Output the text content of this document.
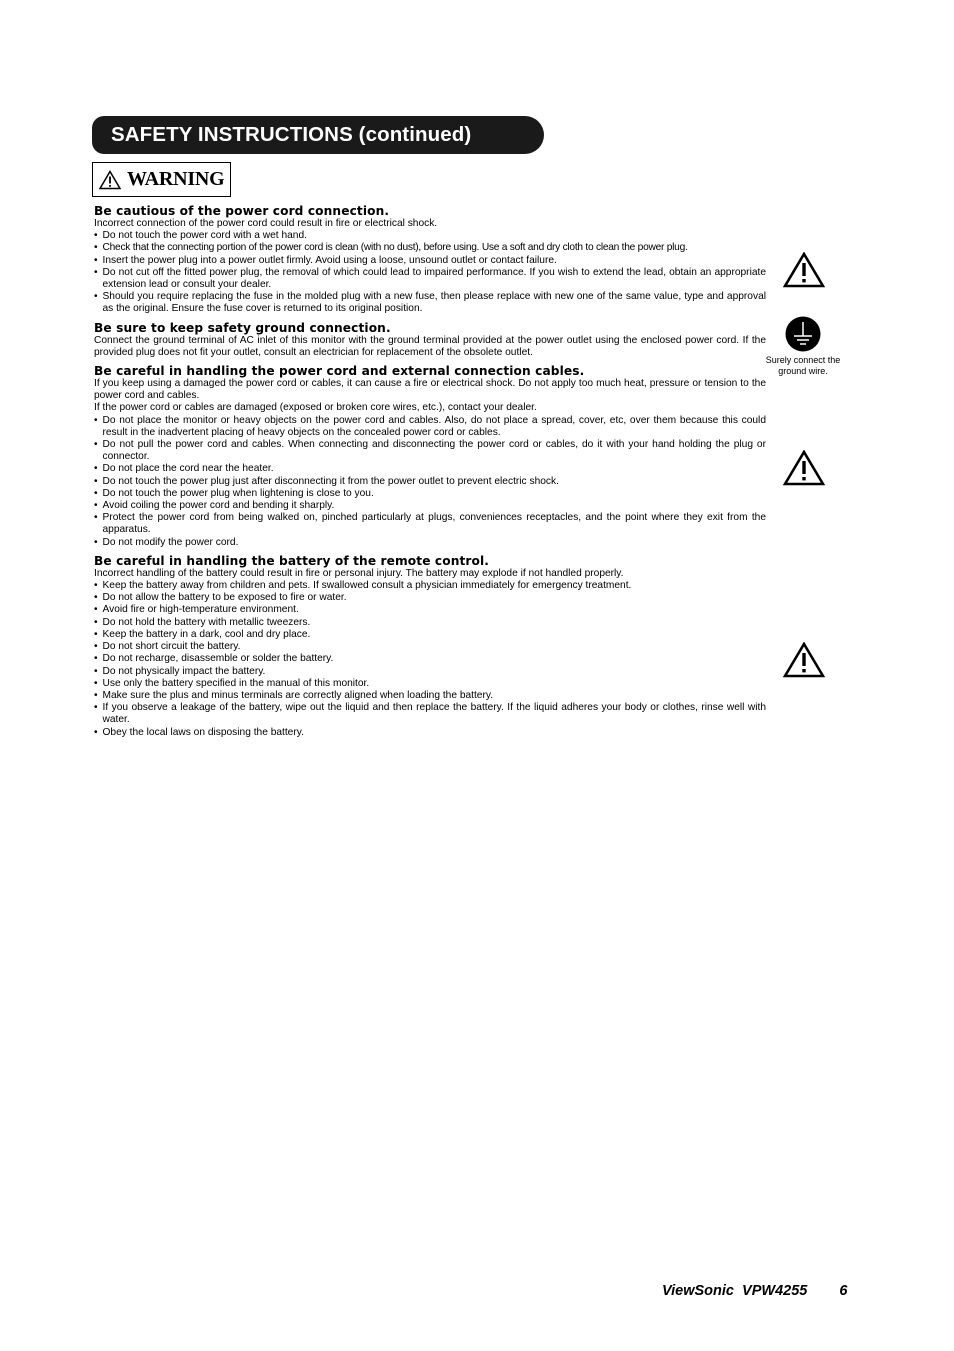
SAFETY INSTRUCTIONS (continued)
WARNING
Be cautious of the power cord connection.

Incorrect connection of the power cord could result in fire or electrical shock.

• Do not touch the power cord with a wet hand.
• Check that the connecting portion of the power cord is clean (with no dust), before using. Use a soft and dry cloth to clean the power plug.
• Insert the power plug into a power outlet firmly. Avoid using a loose, unsound outlet or contact failure.
• Do not cut off the fitted power plug, the removal of which could lead to impaired performance. If you wish to extend the lead, obtain an appropriate extension lead or consult your dealer.
• Should you require replacing the fuse in the molded plug with a new fuse, then please replace with new one of the same value, type and approval as the original. Ensure the fuse cover is returned to its original position.
Be sure to keep safety ground connection.

Connect the ground terminal of AC inlet of this monitor with the ground terminal provided at the power outlet using the enclosed power cord. If the provided plug does not fit your outlet, consult an electrician for replacement of the obsolete outlet.

Be careful in handling the power cord and external connection cables.

If you keep using a damaged the power cord or cables, it can cause a fire or electrical shock. Do not apply too much heat, pressure or tension to the power cord and cables.

If the power cord or cables are damaged (exposed or broken core wires, etc.), contact your dealer.

• Do not place the monitor or heavy objects on the power cord and cables. Also, do not place a spread, cover, etc, over them because this could result in the inadvertent placing of heavy objects on the concealed power cord or cables.
• Do not pull the power cord and cables. When connecting and disconnecting the power cord or cables, do it with your hand holding the plug or connector.
• Do not place the cord near the heater.
• Do not touch the power plug just after disconnecting it from the power outlet to prevent electric shock.
• Do not touch the power plug when lightening is close to you.
• Avoid coiling the power cord and bending it sharply.
• Protect the power cord from being walked on, pinched particularly at plugs, conveniences receptacles, and the point where they exit from the apparatus.
• Do not modify the power cord.
Be careful in handling the battery of the remote control.

Incorrect handling of the battery could result in fire or personal injury. The battery may explode if not handled properly.

• Keep the battery away from children and pets. If swallowed consult a physician immediately for emergency treatment.
• Do not allow the battery to be exposed to fire or water.
• Avoid fire or high-temperature environment.
• Do not hold the battery with metallic tweezers.
• Keep the battery in a dark, cool and dry place.
• Do not short circuit the battery.
• Do not recharge, disassemble or solder the battery.
• Do not physically impact the battery.
• Use only the battery specified in the manual of this monitor.
• Make sure the plus and minus terminals are correctly aligned when loading the battery.
• If you observe a leakage of the battery, wipe out the liquid and then replace the battery. If the liquid adheres your body or clothes, rinse well with water.
• Obey the local laws on disposing the battery.
Surely connect the ground wire.
ViewSonic  VPW4255 6
